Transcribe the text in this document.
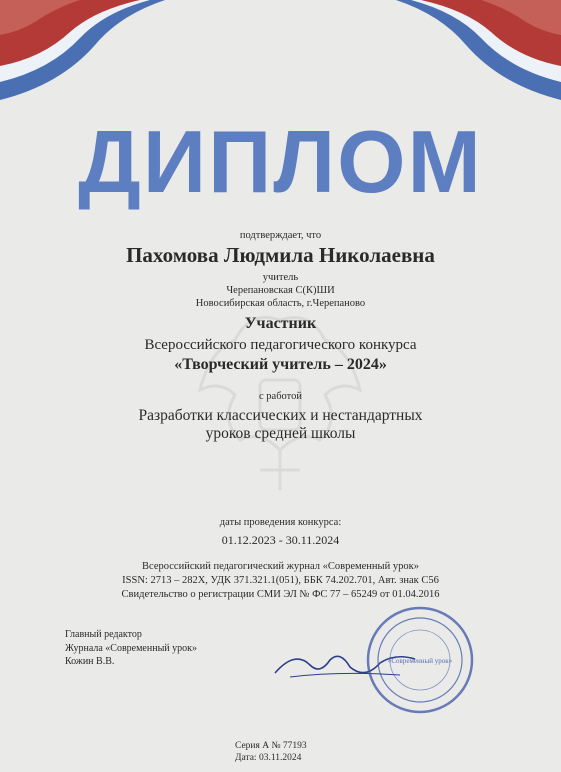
ДИПЛОМ

подтверждает, что

Пахомова Людмила Николаевна

учитель

Черепановская С(К)ШИ

Новосибирская область, г.Черепаново

Участник

Всероссийского педагогического конкурса

«Творческий учитель – 2024»

с работой

Разработки классических и нестандартных

уроков средней школы

даты проведения конкурса:

01.12.2023 - 30.11.2024

Всероссийский педагогический журнал «Современный урок»

ISSN: 2713 – 282X, УДК 371.321.1(051), ББК 74.202.701, Авт. знак С56

Свидетельство о регистрации СМИ ЭЛ № ФС 77 – 65249 от 01.04.2016

Главный редактор
Журнала «Современный урок»
Кожин В.В.	«Современный урок»
Серия А № 77193
Дата: 03.11.2024
